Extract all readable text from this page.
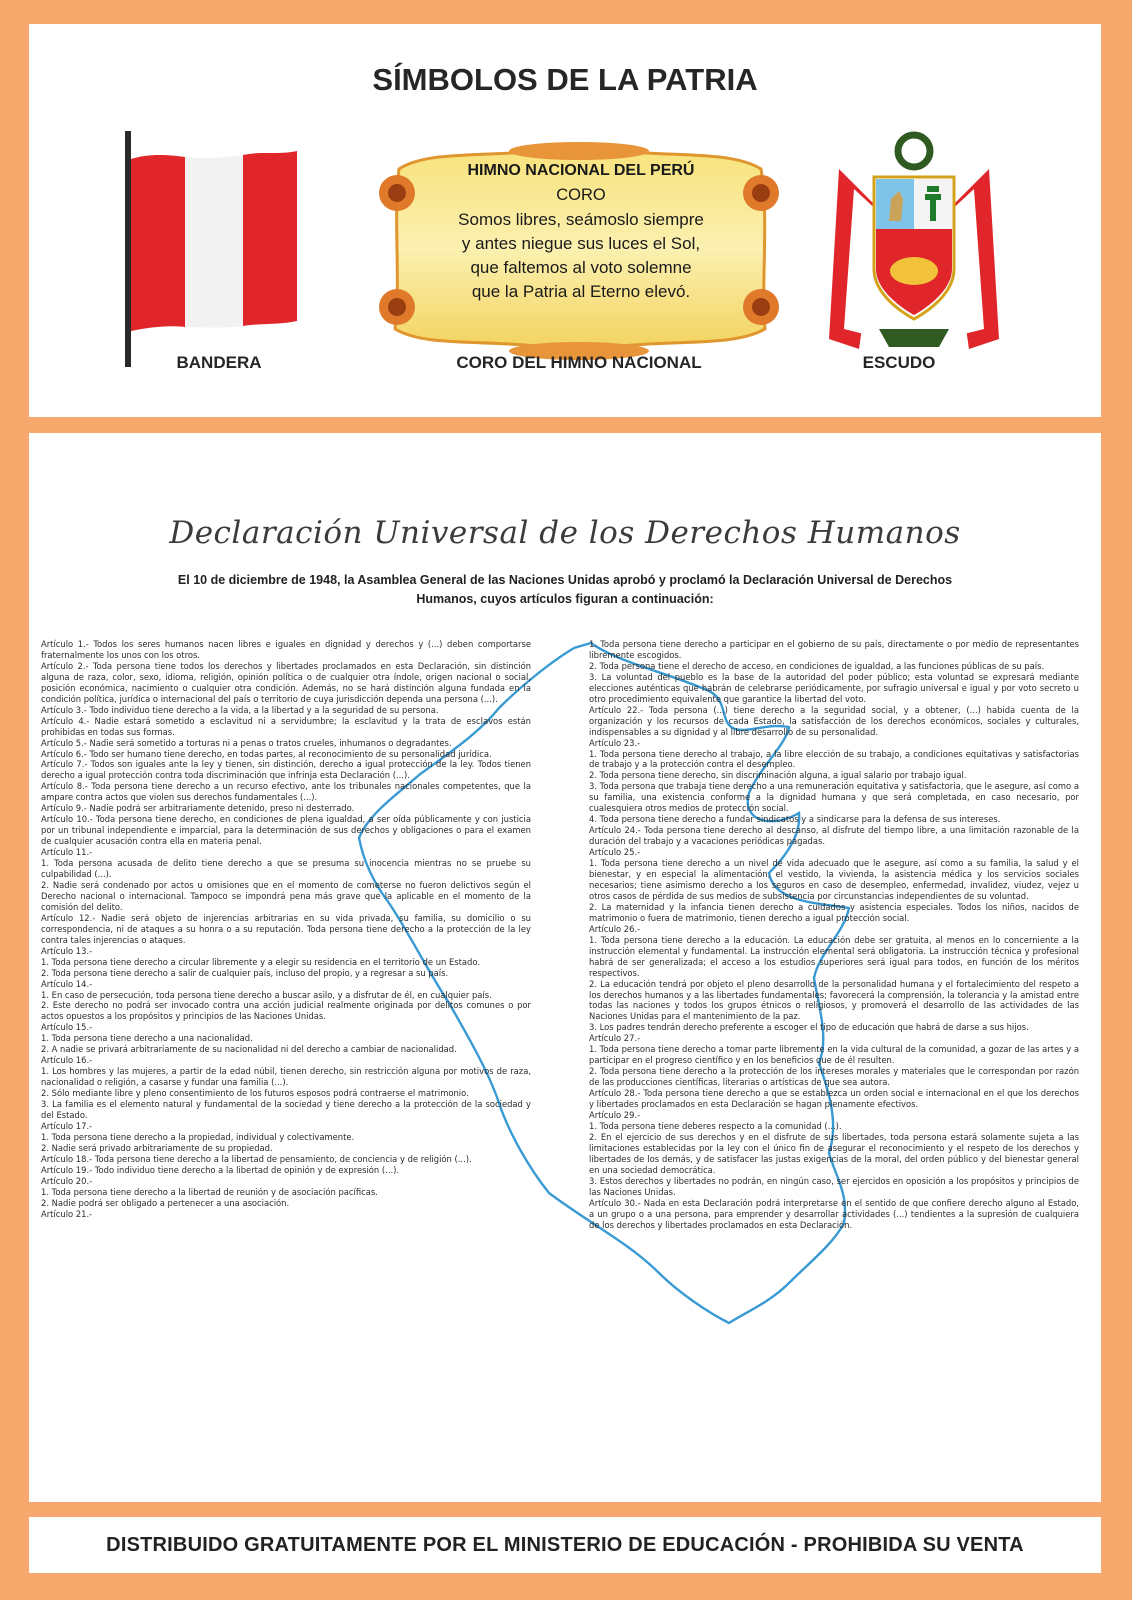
SÍMBOLOS DE LA PATRIA
HIMNO NACIONAL DEL PERÚ
CORO
Somos libres, seámoslo siempre
y antes niegue sus luces el Sol,
que faltemos al voto solemne
que la Patria al Eterno elevó.
BANDERA	CORO DEL HIMNO NACIONAL	ESCUDO
Declaración Universal de los Derechos Humanos
El 10 de diciembre de 1948, la Asamblea General de las Naciones Unidas aprobó y proclamó la Declaración Universal de Derechos Humanos, cuyos artículos figuran a continuación:

Artículo 1.- Todos los seres humanos nacen libres e iguales en dignidad y derechos y (...) deben comportarse fraternalmente los unos con los otros.

Artículo 2.- Toda persona tiene todos los derechos y libertades proclamados en esta Declaración, sin distinción alguna de raza, color, sexo, idioma, religión, opinión política o de cualquier otra índole, origen nacional o social, posición económica, nacimiento o cualquier otra condición. Además, no se hará distinción alguna fundada en la condición política, jurídica o internacional del país o territorio de cuya jurisdicción dependa una persona (...).

Artículo 3.- Todo individuo tiene derecho a la vida, a la libertad y a la seguridad de su persona.

Artículo 4.- Nadie estará sometido a esclavitud ni a servidumbre; la esclavitud y la trata de esclavos están prohibidas en todas sus formas.

Artículo 5.- Nadie será sometido a torturas ni a penas o tratos crueles, inhumanos o degradantes.

Artículo 6.- Todo ser humano tiene derecho, en todas partes, al reconocimiento de su personalidad jurídica.

Artículo 7.- Todos son iguales ante la ley y tienen, sin distinción, derecho a igual protección de la ley. Todos tienen derecho a igual protección contra toda discriminación que infrinja esta Declaración (...).

Artículo 8.- Toda persona tiene derecho a un recurso efectivo, ante los tribunales nacionales competentes, que la ampare contra actos que violen sus derechos fundamentales (...).

Artículo 9.- Nadie podrá ser arbitrariamente detenido, preso ni desterrado.

Artículo 10.- Toda persona tiene derecho, en condiciones de plena igualdad, a ser oída públicamente y con justicia por un tribunal independiente e imparcial, para la determinación de sus derechos y obligaciones o para el examen de cualquier acusación contra ella en materia penal.

Artículo 11.-

1. Toda persona acusada de delito tiene derecho a que se presuma su inocencia mientras no se pruebe su culpabilidad (...).

2. Nadie será condenado por actos u omisiones que en el momento de cometerse no fueron delictivos según el Derecho nacional o internacional. Tampoco se impondrá pena más grave que la aplicable en el momento de la comisión del delito.

Artículo 12.- Nadie será objeto de injerencias arbitrarias en su vida privada, su familia, su domicilio o su correspondencia, ni de ataques a su honra o a su reputación. Toda persona tiene derecho a la protección de la ley contra tales injerencias o ataques.

Artículo 13.-

1. Toda persona tiene derecho a circular libremente y a elegir su residencia en el territorio de un Estado.

2. Toda persona tiene derecho a salir de cualquier país, incluso del propio, y a regresar a su país.

Artículo 14.-

1. En caso de persecución, toda persona tiene derecho a buscar asilo, y a disfrutar de él, en cualquier país.

2. Este derecho no podrá ser invocado contra una acción judicial realmente originada por delitos comunes o por actos opuestos a los propósitos y principios de las Naciones Unidas.

Artículo 15.-

1. Toda persona tiene derecho a una nacionalidad.

2. A nadie se privará arbitrariamente de su nacionalidad ni del derecho a cambiar de nacionalidad.

Artículo 16.-

1. Los hombres y las mujeres, a partir de la edad núbil, tienen derecho, sin restricción alguna por motivos de raza, nacionalidad o religión, a casarse y fundar una familia (...).

2. Sólo mediante libre y pleno consentimiento de los futuros esposos podrá contraerse el matrimonio.

3. La familia es el elemento natural y fundamental de la sociedad y tiene derecho a la protección de la sociedad y del Estado.

Artículo 17.-

1. Toda persona tiene derecho a la propiedad, individual y colectivamente.

2. Nadie será privado arbitrariamente de su propiedad.

Artículo 18.- Toda persona tiene derecho a la libertad de pensamiento, de conciencia y de religión (...).

Artículo 19.- Todo individuo tiene derecho a la libertad de opinión y de expresión (...).

Artículo 20.-

1. Toda persona tiene derecho a la libertad de reunión y de asociación pacíficas.

2. Nadie podrá ser obligado a pertenecer a una asociación.

Artículo 21.-

1. Toda persona tiene derecho a participar en el gobierno de su país, directamente o por medio de representantes libremente escogidos.

2. Toda persona tiene el derecho de acceso, en condiciones de igualdad, a las funciones públicas de su país.

3. La voluntad del pueblo es la base de la autoridad del poder público; esta voluntad se expresará mediante elecciones auténticas que habrán de celebrarse periódicamente, por sufragio universal e igual y por voto secreto u otro procedimiento equivalente que garantice la libertad del voto.

Artículo 22.- Toda persona (...) tiene derecho a la seguridad social, y a obtener, (...) habida cuenta de la organización y los recursos de cada Estado, la satisfacción de los derechos económicos, sociales y culturales, indispensables a su dignidad y al libre desarrollo de su personalidad.

Artículo 23.-

1. Toda persona tiene derecho al trabajo, a la libre elección de su trabajo, a condiciones equitativas y satisfactorias de trabajo y a la protección contra el desempleo.

2. Toda persona tiene derecho, sin discriminación alguna, a igual salario por trabajo igual.

3. Toda persona que trabaja tiene derecho a una remuneración equitativa y satisfactoria, que le asegure, así como a su familia, una existencia conforme a la dignidad humana y que será completada, en caso necesario, por cualesquiera otros medios de protección social.

4. Toda persona tiene derecho a fundar sindicatos y a sindicarse para la defensa de sus intereses.

Artículo 24.- Toda persona tiene derecho al descanso, al disfrute del tiempo libre, a una limitación razonable de la duración del trabajo y a vacaciones periódicas pagadas.

Artículo 25.-

1. Toda persona tiene derecho a un nivel de vida adecuado que le asegure, así como a su familia, la salud y el bienestar, y en especial la alimentación, el vestido, la vivienda, la asistencia médica y los servicios sociales necesarios; tiene asimismo derecho a los seguros en caso de desempleo, enfermedad, invalidez, viudez, vejez u otros casos de pérdida de sus medios de subsistencia por circunstancias independientes de su voluntad.

2. La maternidad y la infancia tienen derecho a cuidados y asistencia especiales. Todos los niños, nacidos de matrimonio o fuera de matrimonio, tienen derecho a igual protección social.

Artículo 26.-

1. Toda persona tiene derecho a la educación. La educación debe ser gratuita, al menos en lo concerniente a la instrucción elemental y fundamental. La instrucción elemental será obligatoria. La instrucción técnica y profesional habrá de ser generalizada; el acceso a los estudios superiores será igual para todos, en función de los méritos respectivos.

2. La educación tendrá por objeto el pleno desarrollo de la personalidad humana y el fortalecimiento del respeto a los derechos humanos y a las libertades fundamentales; favorecerá la comprensión, la tolerancia y la amistad entre todas las naciones y todos los grupos étnicos o religiosos, y promoverá el desarrollo de las actividades de las Naciones Unidas para el mantenimiento de la paz.

3. Los padres tendrán derecho preferente a escoger el tipo de educación que habrá de darse a sus hijos.

Artículo 27.-

1. Toda persona tiene derecho a tomar parte libremente en la vida cultural de la comunidad, a gozar de las artes y a participar en el progreso científico y en los beneficios que de él resulten.

2. Toda persona tiene derecho a la protección de los intereses morales y materiales que le correspondan por razón de las producciones científicas, literarias o artísticas de que sea autora.

Artículo 28.- Toda persona tiene derecho a que se establezca un orden social e internacional en el que los derechos y libertades proclamados en esta Declaración se hagan plenamente efectivos.

Artículo 29.-

1. Toda persona tiene deberes respecto a la comunidad (...).

2. En el ejercicio de sus derechos y en el disfrute de sus libertades, toda persona estará solamente sujeta a las limitaciones establecidas por la ley con el único fin de asegurar el reconocimiento y el respeto de los derechos y libertades de los demás, y de satisfacer las justas exigencias de la moral, del orden público y del bienestar general en una sociedad democrática.

3. Estos derechos y libertades no podrán, en ningún caso, ser ejercidos en oposición a los propósitos y principios de las Naciones Unidas.

Artículo 30.- Nada en esta Declaración podrá interpretarse en el sentido de que confiere derecho alguno al Estado, a un grupo o a una persona, para emprender y desarrollar actividades (...) tendientes a la supresión de cualquiera de los derechos y libertades proclamados en esta Declaración.

DISTRIBUIDO GRATUITAMENTE POR EL MINISTERIO DE EDUCACIÓN - PROHIBIDA SU VENTA
